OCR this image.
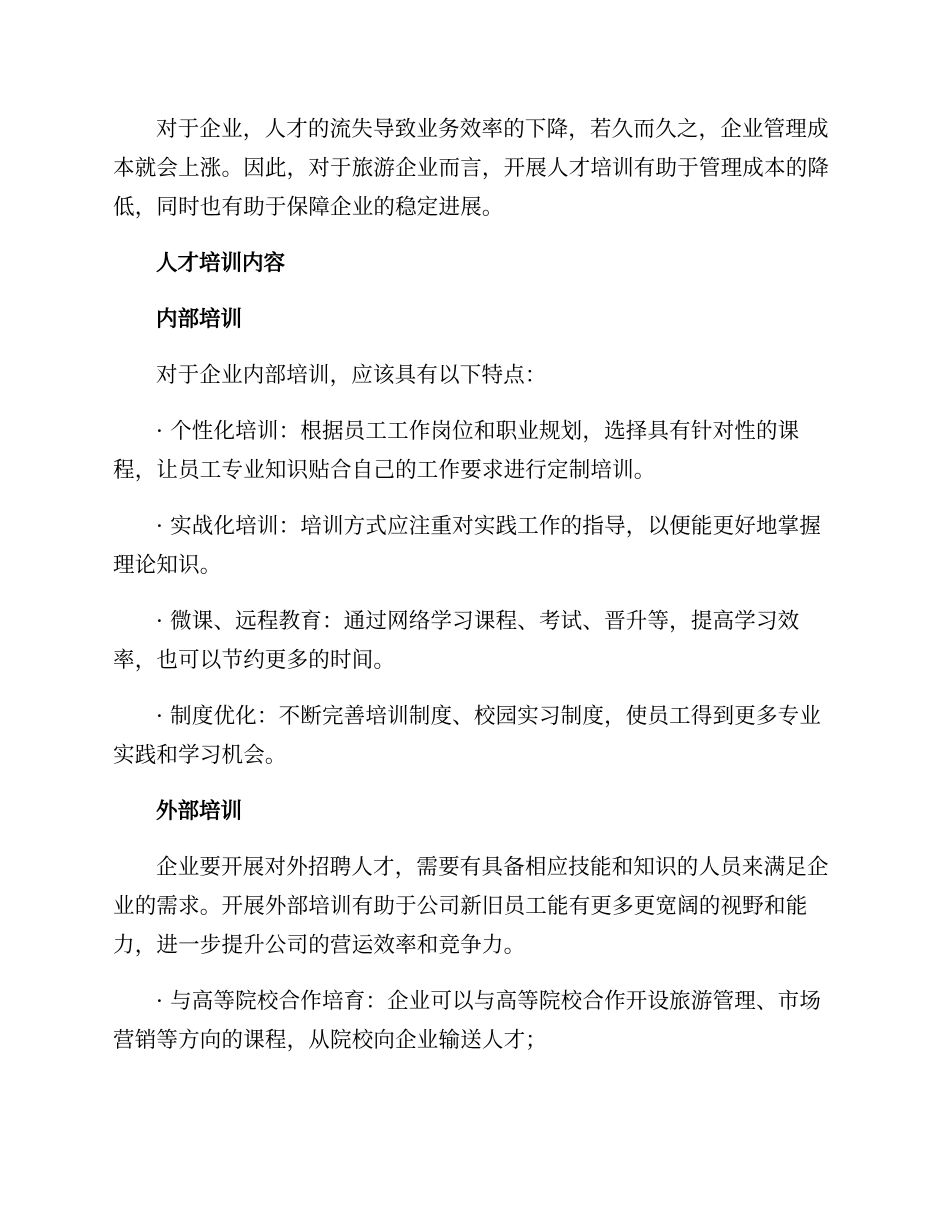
对于企业，人才的流失导致业务效率的下降，若久而久之，企业管理成本就会上涨。因此，对于旅游企业而言，开展人才培训有助于管理成本的降低，同时也有助于保障企业的稳定进展。

人才培训内容

内部培训

对于企业内部培训，应该具有以下特点：

· 个性化培训：根据员工工作岗位和职业规划，选择具有针对性的课程，让员工专业知识贴合自己的工作要求进行定制培训。

· 实战化培训：培训方式应注重对实践工作的指导，以便能更好地掌握理论知识。

· 微课、远程教育：通过网络学习课程、考试、晋升等，提高学习效率，也可以节约更多的时间。

· 制度优化：不断完善培训制度、校园实习制度，使员工得到更多专业实践和学习机会。

外部培训

企业要开展对外招聘人才，需要有具备相应技能和知识的人员来满足企业的需求。开展外部培训有助于公司新旧员工能有更多更宽阔的视野和能力，进一步提升公司的营运效率和竞争力。

· 与高等院校合作培育：企业可以与高等院校合作开设旅游管理、市场营销等方向的课程，从院校向企业输送人才；
